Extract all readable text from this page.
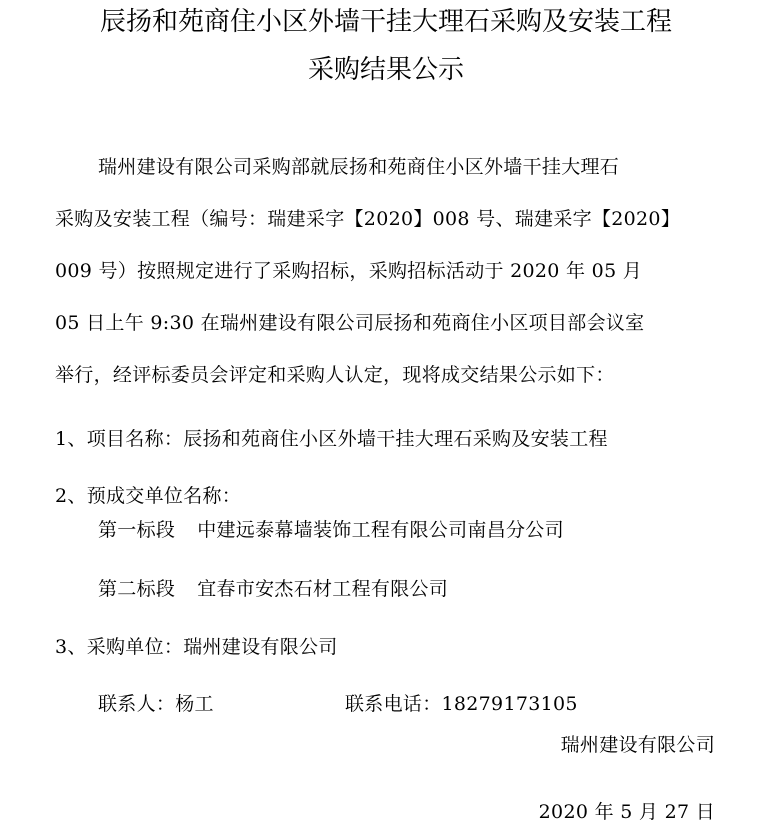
辰扬和苑商住小区外墙干挂大理石采购及安装工程
采购结果公示
瑞州建设有限公司采购部就辰扬和苑商住小区外墙干挂大理石
采购及安装工程（编号：瑞建采字【2020】008 号、瑞建采字【2020】
009 号）按照规定进行了采购招标，采购招标活动于 2020 年 05 月
05 日上午 9:30 在瑞州建设有限公司辰扬和苑商住小区项目部会议室
举行，经评标委员会评定和采购人认定，现将成交结果公示如下：
1、项目名称：辰扬和苑商住小区外墙干挂大理石采购及安装工程
2、预成交单位名称：
第一标段 中建远泰幕墙装饰工程有限公司南昌分公司
第二标段 宜春市安杰石材工程有限公司
3、采购单位：瑞州建设有限公司
联系人：杨工	联系电话：18279173105
瑞州建设有限公司
2020 年 5 月 27 日
